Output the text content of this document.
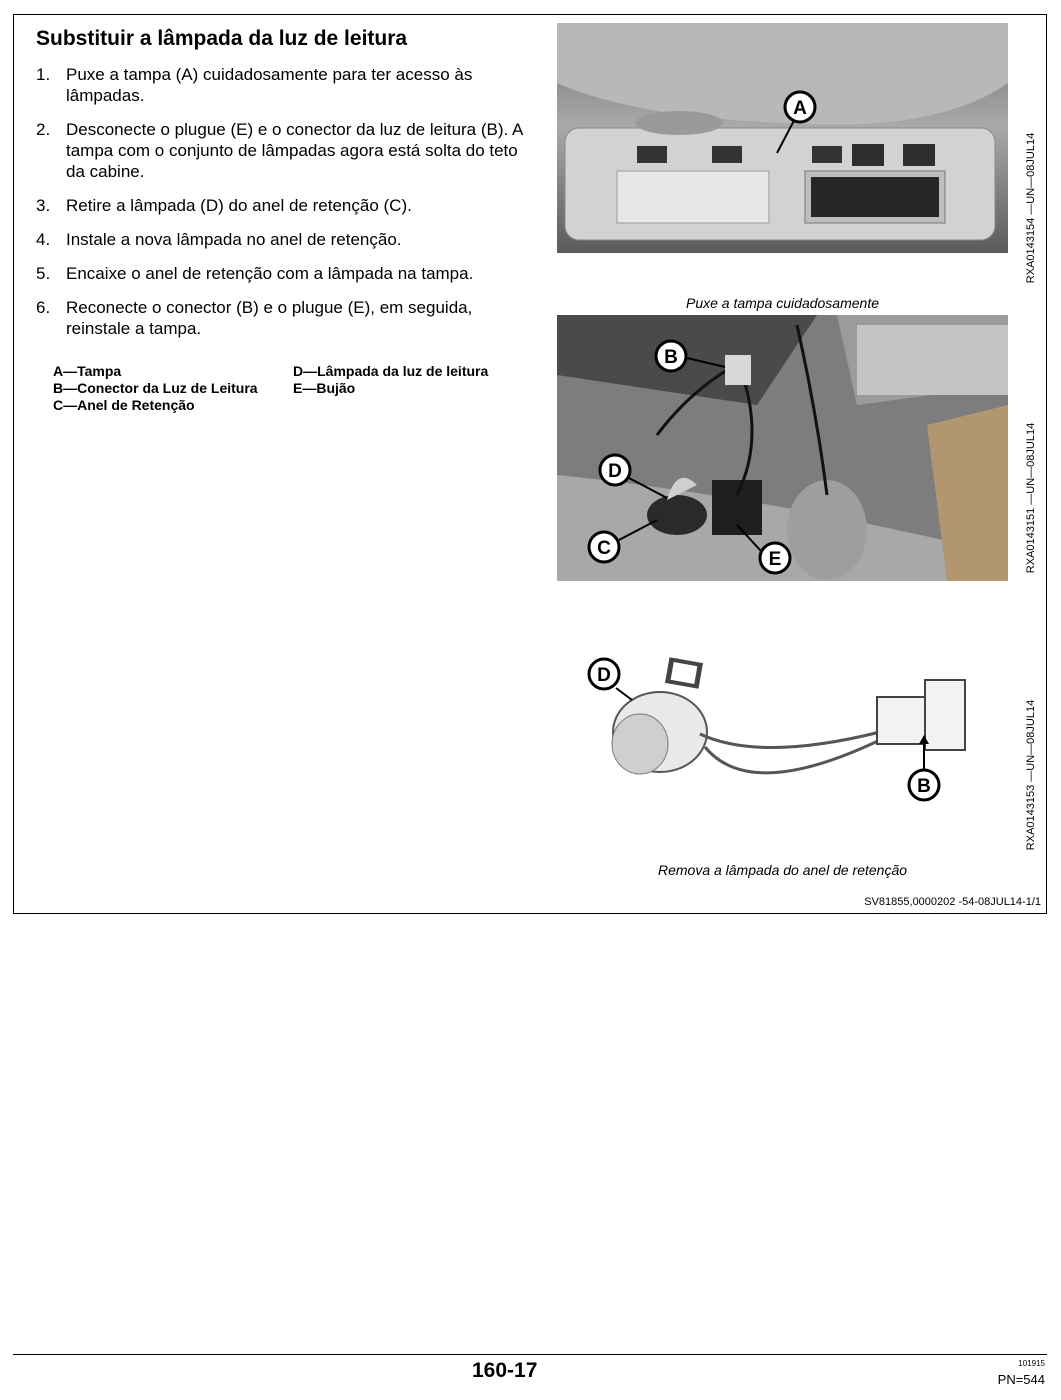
Substituir a lâmpada da luz de leitura
1. Puxe a tampa (A) cuidadosamente para ter acesso às lâmpadas.
2. Desconecte o plugue (E) e o conector da luz de leitura (B). A tampa com o conjunto de lâmpadas agora está solta do teto da cabine.
3. Retire a lâmpada (D) do anel de retenção (C).
4. Instale a nova lâmpada no anel de retenção.
5. Encaixe o anel de retenção com a lâmpada na tampa.
6. Reconecte o conector (B) e o plugue (E), em seguida, reinstale a tampa.
A—Tampa
B—Conector da Luz de Leitura
C—Anel de Retenção
D—Lâmpada da luz de leitura
E—Bujão
A
RXA0143154 —UN—08JUL14
Puxe a tampa cuidadosamente
B
D
C
E	RXA0143151 —UN—08JUL14
B
D
RXA0143153 —UN—08JUL14
Remova a lâmpada do anel de retenção
SV81855,0000202 -54-08JUL14-1/1
160-17	101915
PN=544
